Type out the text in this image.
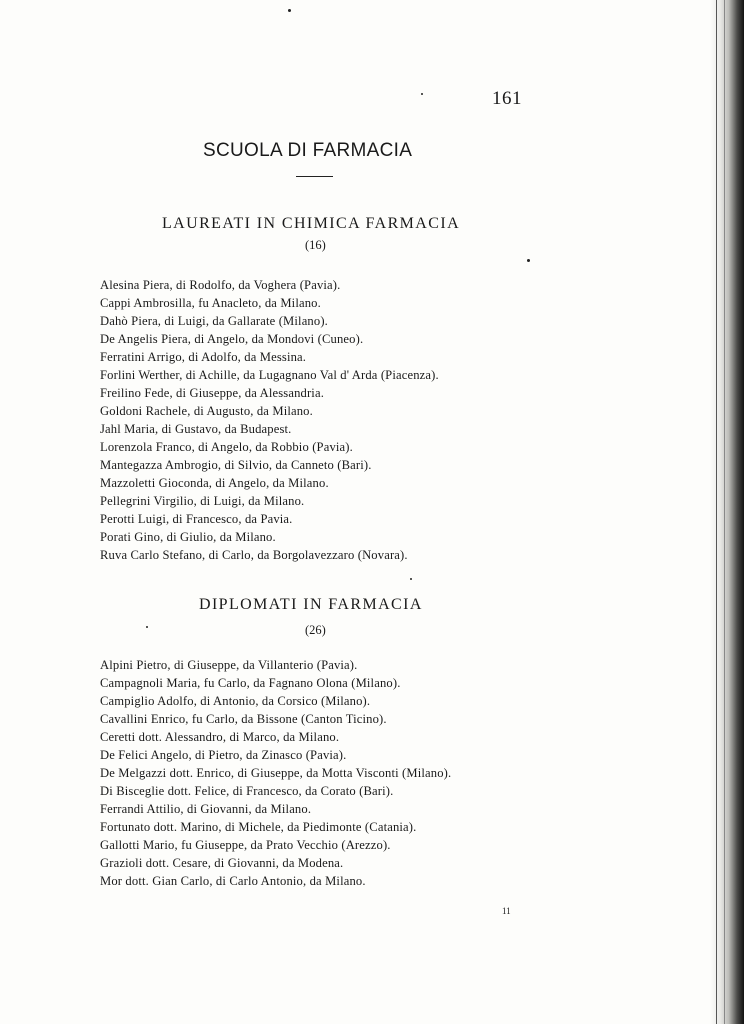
161
SCUOLA DI FARMACIA
LAUREATI IN CHIMICA FARMACIA
(16)
Alesina Piera, di Rodolfo, da Voghera (Pavia).
Cappi Ambrosilla, fu Anacleto, da Milano.
Dahò Piera, di Luigi, da Gallarate (Milano).
De Angelis Piera, di Angelo, da Mondovi (Cuneo).
Ferratini Arrigo, di Adolfo, da Messina.
Forlini Werther, di Achille, da Lugagnano Val d' Arda (Piacenza).
Freilino Fede, di Giuseppe, da Alessandria.
Goldoni Rachele, di Augusto, da Milano.
Jahl Maria, di Gustavo, da Budapest.
Lorenzola Franco, di Angelo, da Robbio (Pavia).
Mantegazza Ambrogio, di Silvio, da Canneto (Bari).
Mazzoletti Gioconda, di Angelo, da Milano.
Pellegrini Virgilio, di Luigi, da Milano.
Perotti Luigi, di Francesco, da Pavia.
Porati Gino, di Giulio, da Milano.
Ruva Carlo Stefano, di Carlo, da Borgolavezzaro (Novara).
DIPLOMATI IN FARMACIA
(26)
Alpini Pietro, di Giuseppe, da Villanterio (Pavia).
Campagnoli Maria, fu Carlo, da Fagnano Olona (Milano).
Campiglio Adolfo, di Antonio, da Corsico (Milano).
Cavallini Enrico, fu Carlo, da Bissone (Canton Ticino).
Ceretti dott. Alessandro, di Marco, da Milano.
De Felici Angelo, di Pietro, da Zinasco (Pavia).
De Melgazzi dott. Enrico, di Giuseppe, da Motta Visconti (Milano).
Di Bisceglie dott. Felice, di Francesco, da Corato (Bari).
Ferrandi Attilio, di Giovanni, da Milano.
Fortunato dott. Marino, di Michele, da Piedimonte (Catania).
Gallotti Mario, fu Giuseppe, da Prato Vecchio (Arezzo).
Grazioli dott. Cesare, di Giovanni, da Modena.
Mor dott. Gian Carlo, di Carlo Antonio, da Milano.
11
